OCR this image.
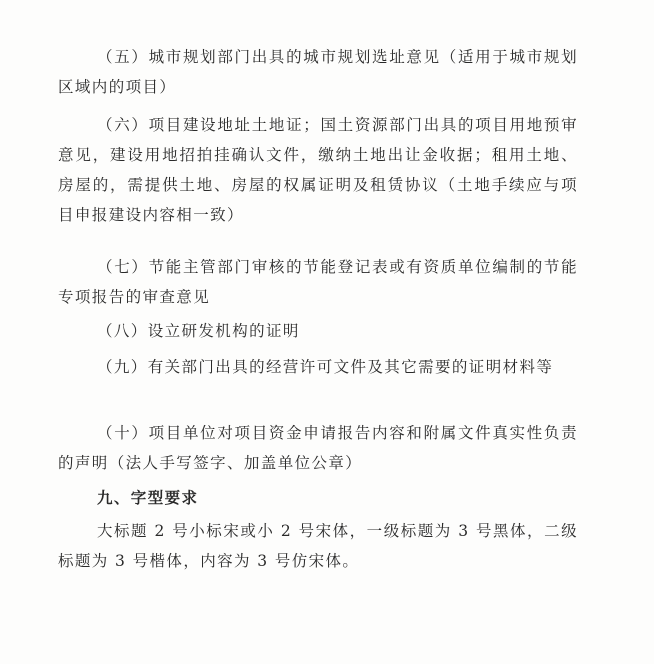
（五）城市规划部门出具的城市规划选址意见（适用于城市规划区域内的项目）

（六）项目建设地址土地证；国土资源部门出具的项目用地预审意见，建设用地招拍挂确认文件，缴纳土地出让金收据；租用土地、房屋的，需提供土地、房屋的权属证明及租赁协议（土地手续应与项目申报建设内容相一致）

（七）节能主管部门审核的节能登记表或有资质单位编制的节能专项报告的审查意见

（八）设立研发机构的证明

（九）有关部门出具的经营许可文件及其它需要的证明材料等

（十）项目单位对项目资金申请报告内容和附属文件真实性负责的声明（法人手写签字、加盖单位公章）

九、字型要求

大标题 2 号小标宋或小 2 号宋体，一级标题为 3 号黑体，二级标题为 3 号楷体，内容为 3 号仿宋体。
